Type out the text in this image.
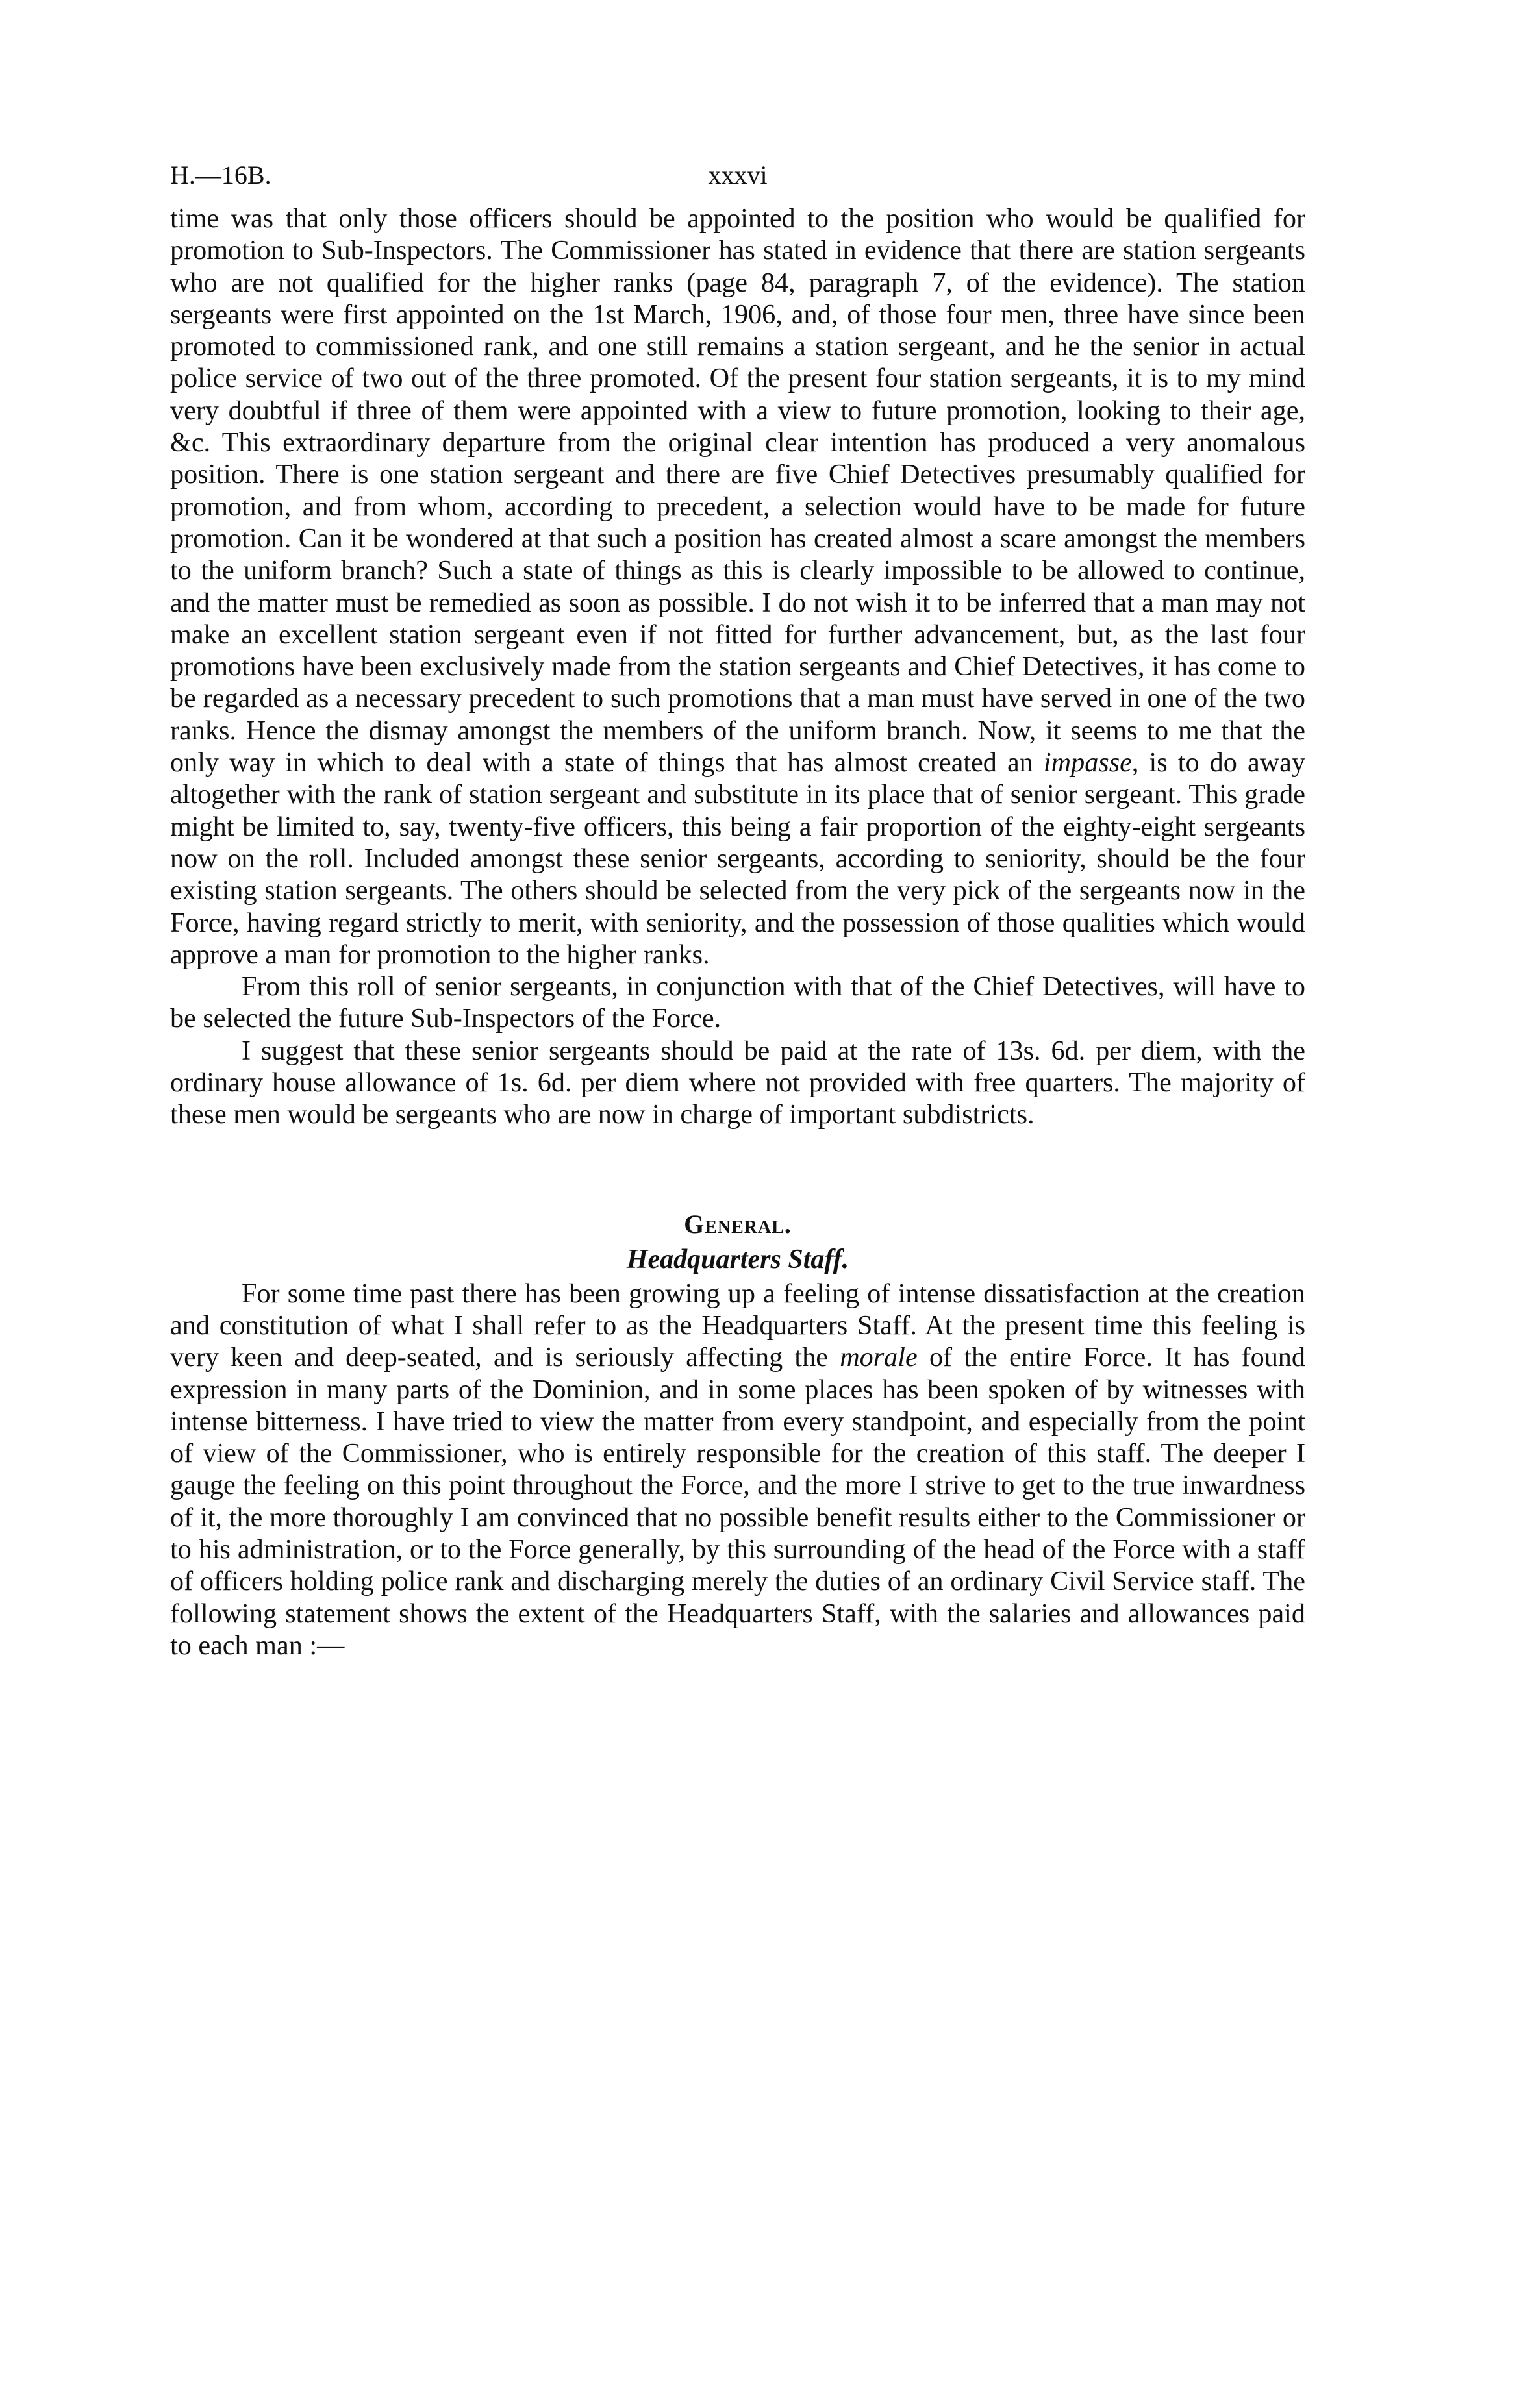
H.—16B.	xxxvi

time was that only those officers should be appointed to the position who would be qualified for promotion to Sub-Inspectors. The Commissioner has stated in evidence that there are station sergeants who are not qualified for the higher ranks (page 84, paragraph 7, of the evidence). The station sergeants were first appointed on the 1st March, 1906, and, of those four men, three have since been promoted to commissioned rank, and one still remains a station sergeant, and he the senior in actual police service of two out of the three promoted. Of the present four station sergeants, it is to my mind very doubtful if three of them were appointed with a view to future promotion, looking to their age, &c. This extraordinary departure from the original clear intention has produced a very anomalous position. There is one station sergeant and there are five Chief Detectives presumably qualified for promotion, and from whom, according to precedent, a selection would have to be made for future promotion. Can it be wondered at that such a position has created almost a scare amongst the members to the uniform branch? Such a state of things as this is clearly impossible to be allowed to continue, and the matter must be remedied as soon as possible. I do not wish it to be inferred that a man may not make an excellent station sergeant even if not fitted for further advancement, but, as the last four promotions have been exclusively made from the station sergeants and Chief Detectives, it has come to be regarded as a necessary precedent to such promotions that a man must have served in one of the two ranks. Hence the dismay amongst the members of the uniform branch. Now, it seems to me that the only way in which to deal with a state of things that has almost created an impasse, is to do away altogether with the rank of station sergeant and substitute in its place that of senior sergeant. This grade might be limited to, say, twenty-five officers, this being a fair proportion of the eighty-eight sergeants now on the roll. Included amongst these senior sergeants, according to seniority, should be the four existing station sergeants. The others should be selected from the very pick of the sergeants now in the Force, having regard strictly to merit, with seniority, and the possession of those qualities which would approve a man for promotion to the higher ranks.

From this roll of senior sergeants, in conjunction with that of the Chief Detectives, will have to be selected the future Sub-Inspectors of the Force.

I suggest that these senior sergeants should be paid at the rate of 13s. 6d. per diem, with the ordinary house allowance of 1s. 6d. per diem where not provided with free quarters. The majority of these men would be sergeants who are now in charge of important subdistricts.

General.
Headquarters Staff.

For some time past there has been growing up a feeling of intense dissatisfaction at the creation and constitution of what I shall refer to as the Headquarters Staff. At the present time this feeling is very keen and deep-seated, and is seriously affecting the morale of the entire Force. It has found expression in many parts of the Dominion, and in some places has been spoken of by witnesses with intense bitterness. I have tried to view the matter from every standpoint, and especially from the point of view of the Commissioner, who is entirely responsible for the creation of this staff. The deeper I gauge the feeling on this point throughout the Force, and the more I strive to get to the true inwardness of it, the more thoroughly I am convinced that no possible benefit results either to the Commissioner or to his administration, or to the Force generally, by this surrounding of the head of the Force with a staff of officers holding police rank and discharging merely the duties of an ordinary Civil Service staff. The following statement shows the extent of the Headquarters Staff, with the salaries and allowances paid to each man :—
